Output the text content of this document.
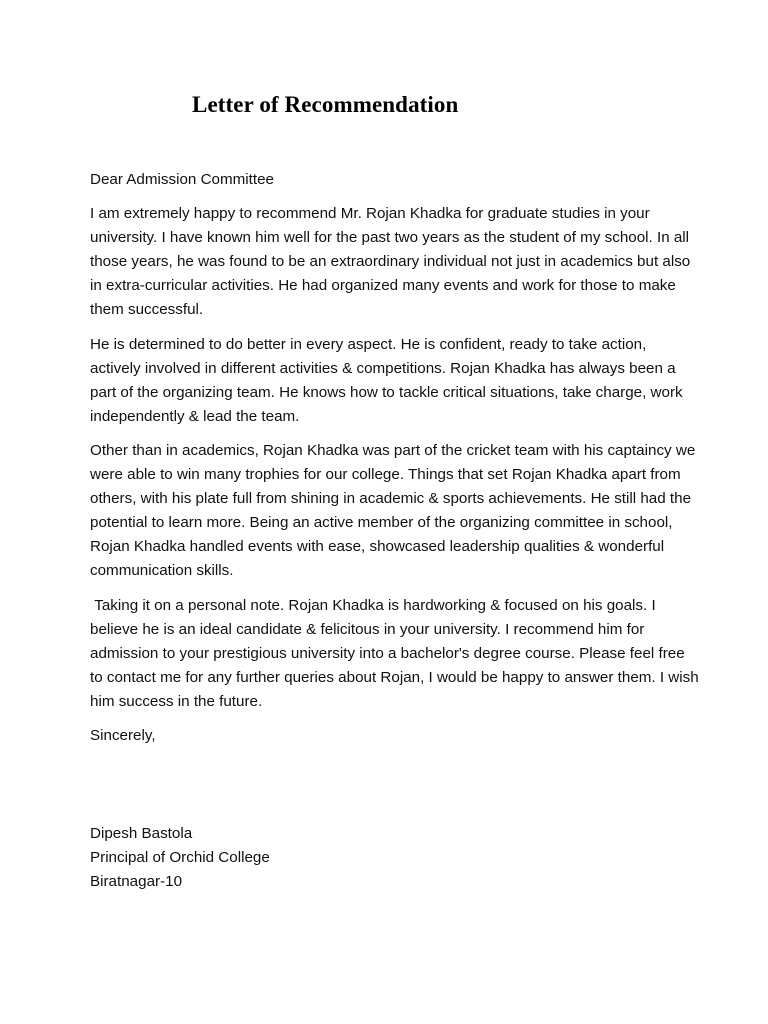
Letter of Recommendation

Dear Admission Committee

I am extremely happy to recommend Mr. Rojan Khadka for graduate studies in your university. I have known him well for the past two years as the student of my school. In all those years, he was found to be an extraordinary individual not just in academics but also in extra-curricular activities. He had organized many events and work for those to make them successful.

He is determined to do better in every aspect. He is confident, ready to take action, actively involved in different activities & competitions. Rojan Khadka has always been a part of the organizing team. He knows how to tackle critical situations, take charge, work independently & lead the team.

Other than in academics, Rojan Khadka was part of the cricket team with his captaincy we were able to win many trophies for our college. Things that set Rojan Khadka apart from others, with his plate full from shining in academic & sports achievements. He still had the potential to learn more. Being an active member of the organizing committee in school, Rojan Khadka handled events with ease, showcased leadership qualities & wonderful communication skills.

Taking it on a personal note. Rojan Khadka is hardworking & focused on his goals. I believe he is an ideal candidate & felicitous in your university. I recommend him for admission to your prestigious university into a bachelor's degree course. Please feel free to contact me for any further queries about Rojan, I would be happy to answer them. I wish him success in the future.

Sincerely,

Dipesh Bastola
Principal of Orchid College
Biratnagar-10
